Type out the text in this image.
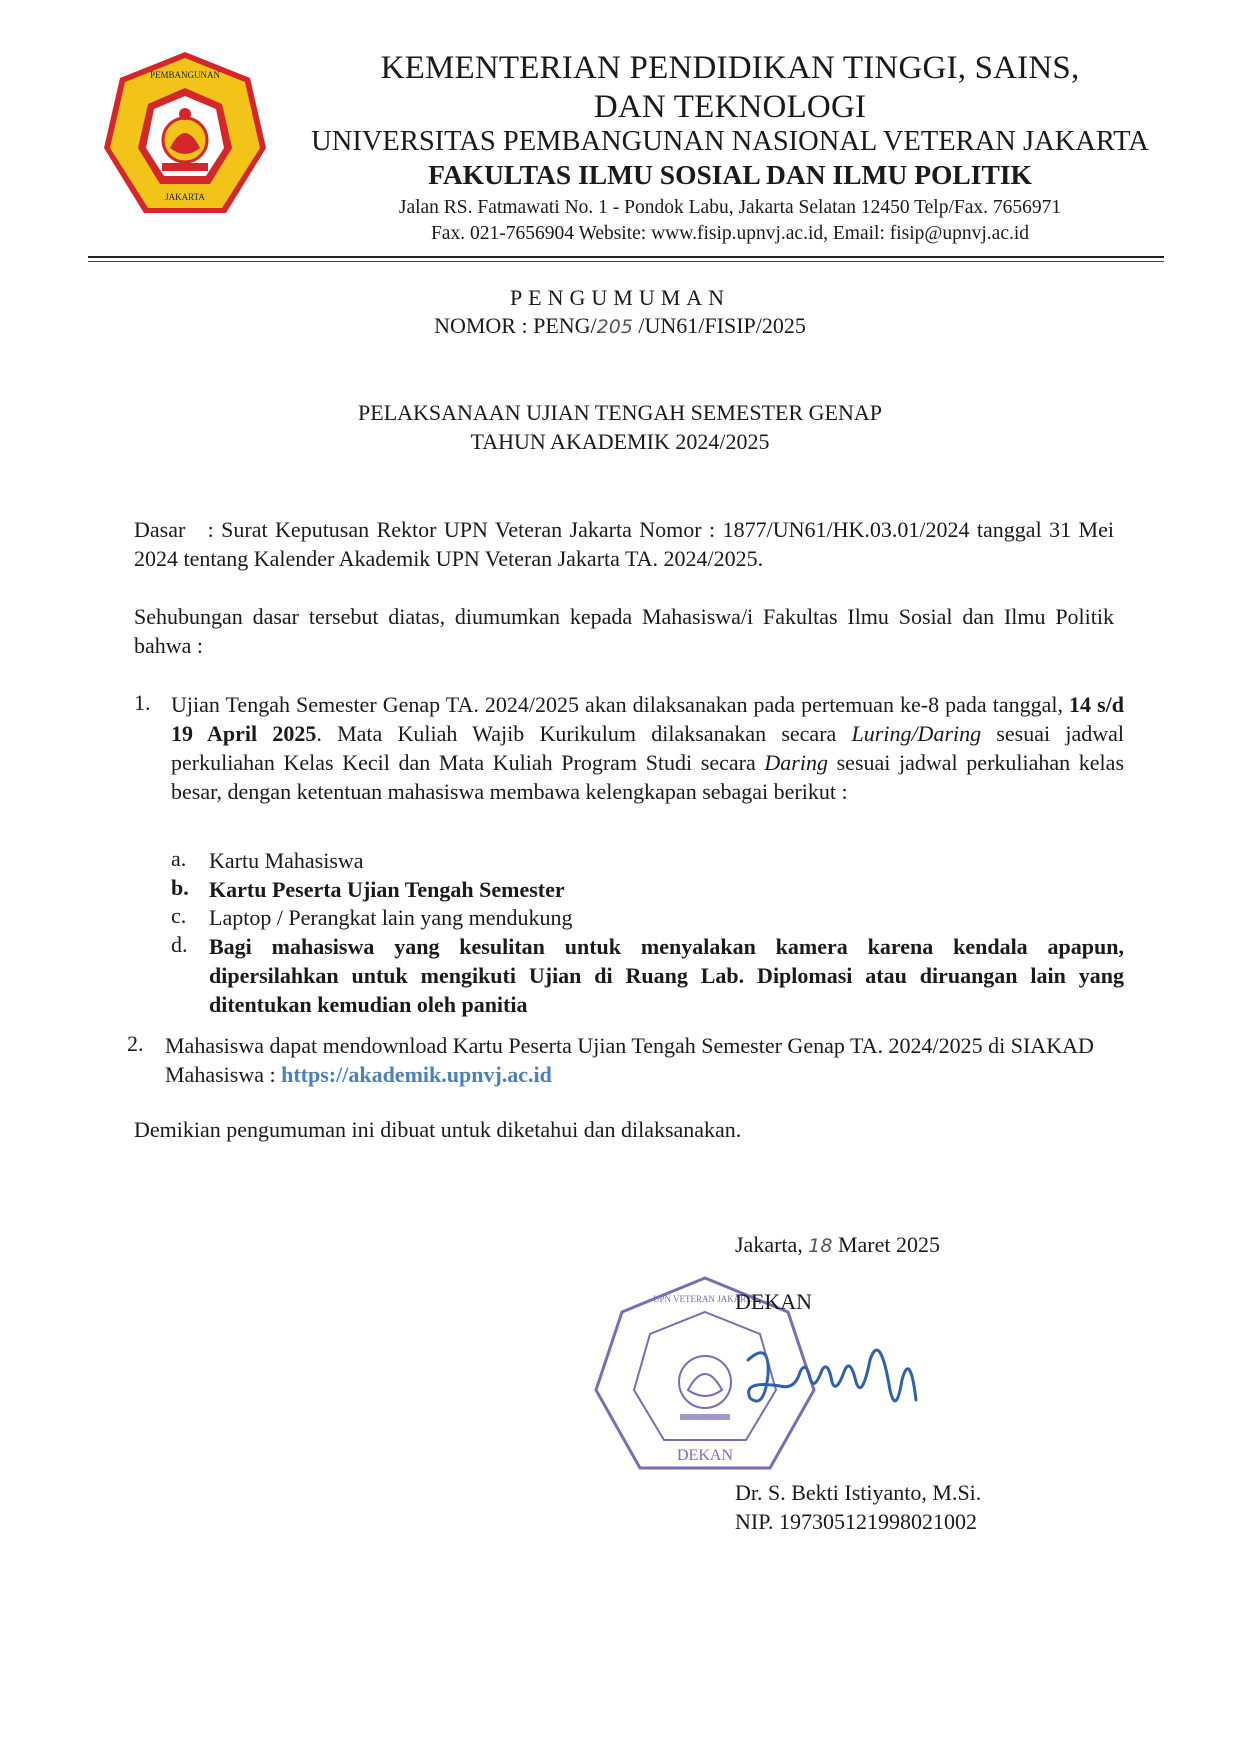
PEMBANGUNAN
JAKARTA
KEMENTERIAN PENDIDIKAN TINGGI, SAINS,
DAN TEKNOLOGI
UNIVERSITAS PEMBANGUNAN NASIONAL VETERAN JAKARTA
FAKULTAS ILMU SOSIAL DAN ILMU POLITIK
Jalan RS. Fatmawati No. 1 - Pondok Labu, Jakarta Selatan 12450 Telp/Fax. 7656971
Fax. 021-7656904 Website: www.fisip.upnvj.ac.id, Email: fisip@upnvj.ac.id
PENGUMUMAN
NOMOR : PENG/205 /UN61/FISIP/2025
PELAKSANAAN UJIAN TENGAH SEMESTER GENAP
TAHUN AKADEMIK 2024/2025
Dasar   : Surat Keputusan Rektor UPN Veteran Jakarta Nomor : 1877/UN61/HK.03.01/2024 tanggal 31 Mei 2024 tentang Kalender Akademik UPN Veteran Jakarta TA. 2024/2025.
Sehubungan dasar tersebut diatas, diumumkan kepada Mahasiswa/i Fakultas Ilmu Sosial dan Ilmu Politik bahwa :
1. Ujian Tengah Semester Genap TA. 2024/2025 akan dilaksanakan pada pertemuan ke-8 pada tanggal, 14 s/d 19 April 2025. Mata Kuliah Wajib Kurikulum dilaksanakan secara Luring/Daring sesuai jadwal perkuliahan Kelas Kecil dan Mata Kuliah Program Studi secara Daring sesuai jadwal perkuliahan kelas besar, dengan ketentuan mahasiswa membawa kelengkapan sebagai berikut :
a. Kartu Mahasiswa
b. Kartu Peserta Ujian Tengah Semester
c. Laptop / Perangkat lain yang mendukung
d. Bagi mahasiswa yang kesulitan untuk menyalakan kamera karena kendala apapun, dipersilahkan untuk mengikuti Ujian di Ruang Lab. Diplomasi atau diruangan lain yang ditentukan kemudian oleh panitia
2. Mahasiswa dapat mendownload Kartu Peserta Ujian Tengah Semester Genap TA. 2024/2025 di SIAKAD Mahasiswa : https://akademik.upnvj.ac.id
Demikian pengumuman ini dibuat untuk diketahui dan dilaksanakan.
Jakarta, 18 Maret 2025
DEKAN
UPN VETERAN JAKARTA
DEKAN
Dr. S. Bekti Istiyanto, M.Si.
NIP. 197305121998021002
